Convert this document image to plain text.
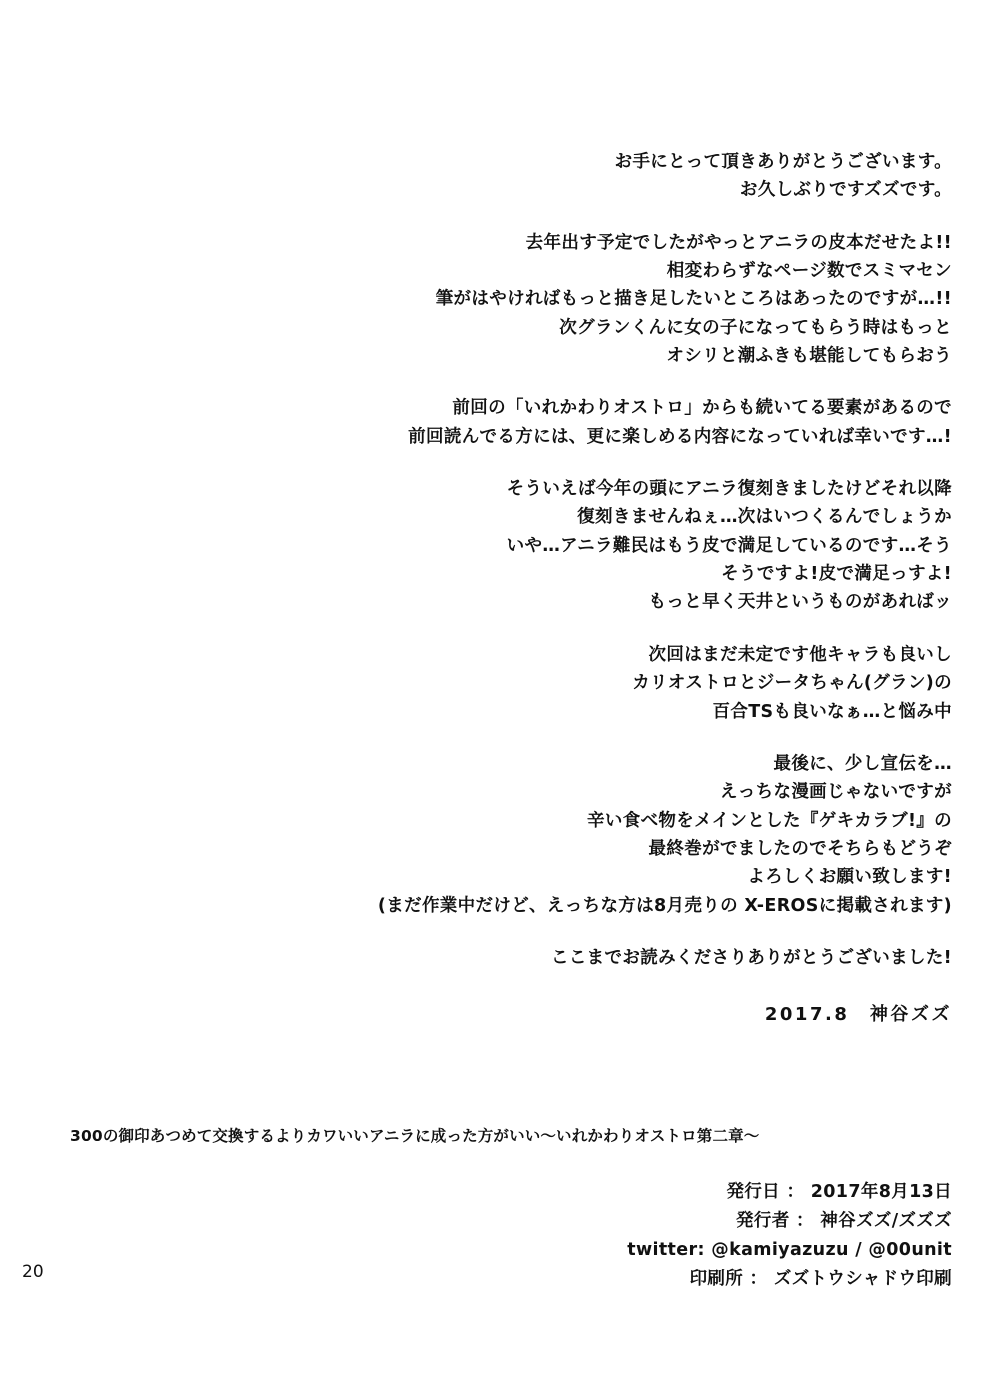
お手にとって頂きありがとうございます。
お久しぶりですズズです。
去年出す予定でしたがやっとアニラの皮本だせたよ!!
相変わらずなページ数でスミマセン
筆がはやければもっと描き足したいところはあったのですが…!!
次グランくんに女の子になってもらう時はもっと
オシリと潮ふきも堪能してもらおう
前回の「いれかわりオストロ」からも続いてる要素があるので
前回読んでる方には、更に楽しめる内容になっていれば幸いです…!
そういえば今年の頭にアニラ復刻きましたけどそれ以降
復刻きませんねぇ…次はいつくるんでしょうか
いや…アニラ難民はもう皮で満足しているのです…そう
そうですよ!皮で満足っすよ!
もっと早く天井というものがあればッ
次回はまだ未定です他キャラも良いし
カリオストロとジータちゃん(グラン)の
百合TSも良いなぁ…と悩み中
最後に、少し宣伝を…
えっちな漫画じゃないですが
辛い食べ物をメインとした『ゲキカラブ!』の
最終巻がでましたのでそちらもどうぞ
よろしくお願い致します!
(まだ作業中だけど、えっちな方は8月売りの X-EROSに掲載されます)
ここまでお読みくださりありがとうございました!
2017.8　神谷ズズ
300の御印あつめて交換するよりカワいいアニラに成った方がいい〜いれかわりオストロ第二章〜
発行日 ： 2017年8月13日
発行者 ： 神谷ズズ/ズズズ
twitter: @kamiyazuzu / @00unit
印刷所 ： ズズトウシャドウ印刷
20
